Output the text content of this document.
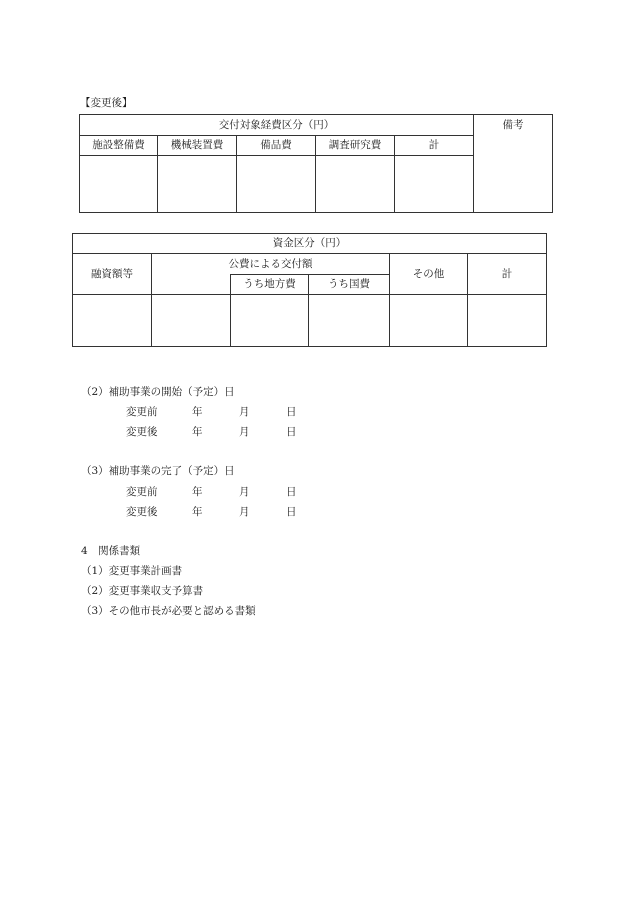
【変更後】
交付対象経費区分（円）					備考
施設整備費	機械装置費	備品費	調査研究費	計	

資金区分（円）					
融資額等	公費による交付額			その他	計
		うち地方費	うち国費		

（2）補助事業の開始（予定）日
変更前	年	月	日
変更後	年	月	日
（3）補助事業の完了（予定）日
変更前	年	月	日
変更後	年	月	日
4　関係書類
（1）変更事業計画書
（2）変更事業収支予算書
（3）その他市長が必要と認める書類
